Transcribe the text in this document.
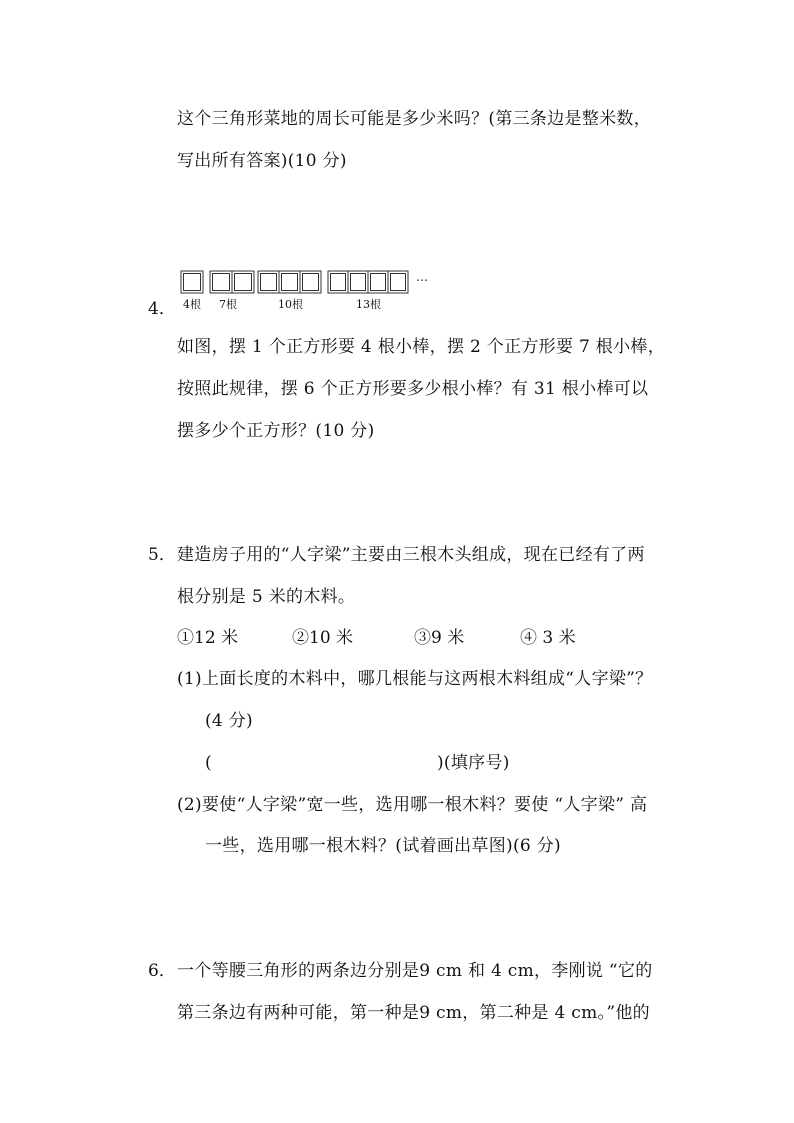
这个三角形菜地的周长可能是多少米吗？(第三条边是整米数，
写出所有答案)(10 分)
4．
…
4根 7根	10根	13根
如图，摆 1 个正方形要 4 根小棒，摆 2 个正方形要 7 根小棒，
按照此规律，摆 6 个正方形要多少根小棒？有 31 根小棒可以
摆多少个正方形？(10 分)
5． 建造房子用的“人字梁”主要由三根木头组成，现在已经有了两
根分别是 5 米的木料。
①12 米	②10 米	③9 米	④ 3 米
(1)上面长度的木料中，哪几根能与这两根木料组成“人字梁”？
(4 分)
(	)(填序号)
(2)要使“人字梁”宽一些，选用哪一根木料？要使 “人字梁” 高
一些，选用哪一根木料？(试着画出草图)(6 分)
6． 一个等腰三角形的两条边分别是9 cm 和 4 cm，李刚说 “它的
第三条边有两种可能，第一种是9 cm，第二种是 4 cm。”他的
